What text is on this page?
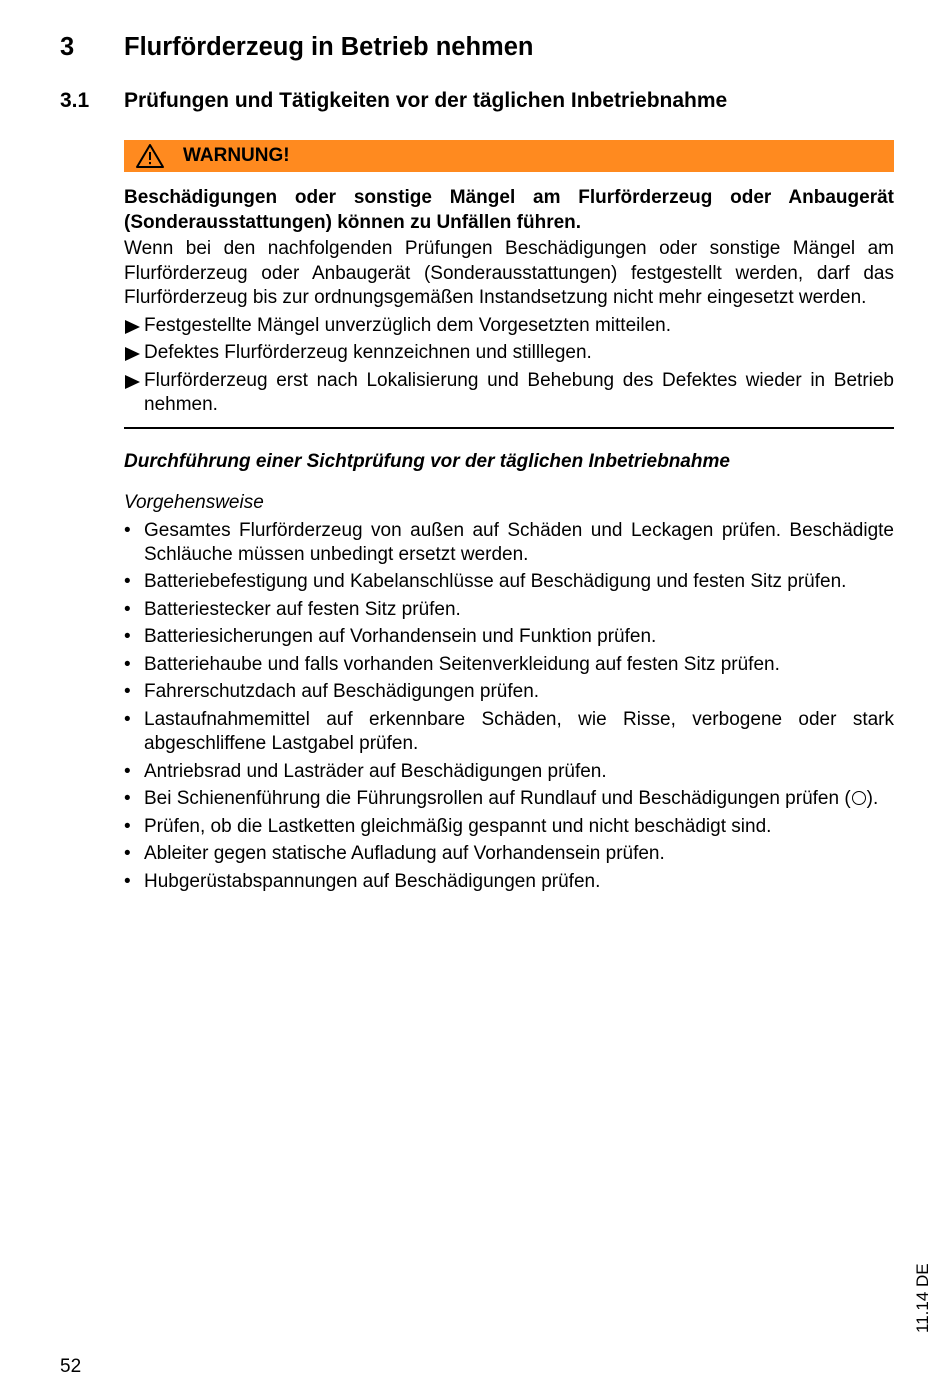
3 Flurförderzeug in Betrieb nehmen
3.1 Prüfungen und Tätigkeiten vor der täglichen Inbetriebnahme
WARNUNG!

Beschädigungen oder sonstige Mängel am Flurförderzeug oder Anbaugerät (Sonderausstattungen) können zu Unfällen führen.

Wenn bei den nachfolgenden Prüfungen Beschädigungen oder sonstige Mängel am Flurförderzeug oder Anbaugerät (Sonderausstattungen) festgestellt werden, darf das Flurförderzeug bis zur ordnungsgemäßen Instandsetzung nicht mehr eingesetzt werden.

Festgestellte Mängel unverzüglich dem Vorgesetzten mitteilen.
Defektes Flurförderzeug kennzeichnen und stilllegen.
Flurförderzeug erst nach Lokalisierung und Behebung des Defektes wieder in Betrieb nehmen.
Durchführung einer Sichtprüfung vor der täglichen Inbetriebnahme
Vorgehensweise
• Gesamtes Flurförderzeug von außen auf Schäden und Leckagen prüfen. Beschädigte Schläuche müssen unbedingt ersetzt werden.
• Batteriebefestigung und Kabelanschlüsse auf Beschädigung und festen Sitz prüfen.
• Batteriestecker auf festen Sitz prüfen.
• Batteriesicherungen auf Vorhandensein und Funktion prüfen.
• Batteriehaube und falls vorhanden Seitenverkleidung auf festen Sitz prüfen.
• Fahrerschutzdach auf Beschädigungen prüfen.
• Lastaufnahmemittel auf erkennbare Schäden, wie Risse, verbogene oder stark abgeschliffene Lastgabel prüfen.
• Antriebsrad und Lasträder auf Beschädigungen prüfen.
• Bei Schienenführung die Führungsrollen auf Rundlauf und Beschädigungen prüfen ( ).
• Prüfen, ob die Lastketten gleichmäßig gespannt und nicht beschädigt sind.
• Ableiter gegen statische Aufladung auf Vorhandensein prüfen.
• Hubgerüstabspannungen auf Beschädigungen prüfen.
11.14 DE
52
